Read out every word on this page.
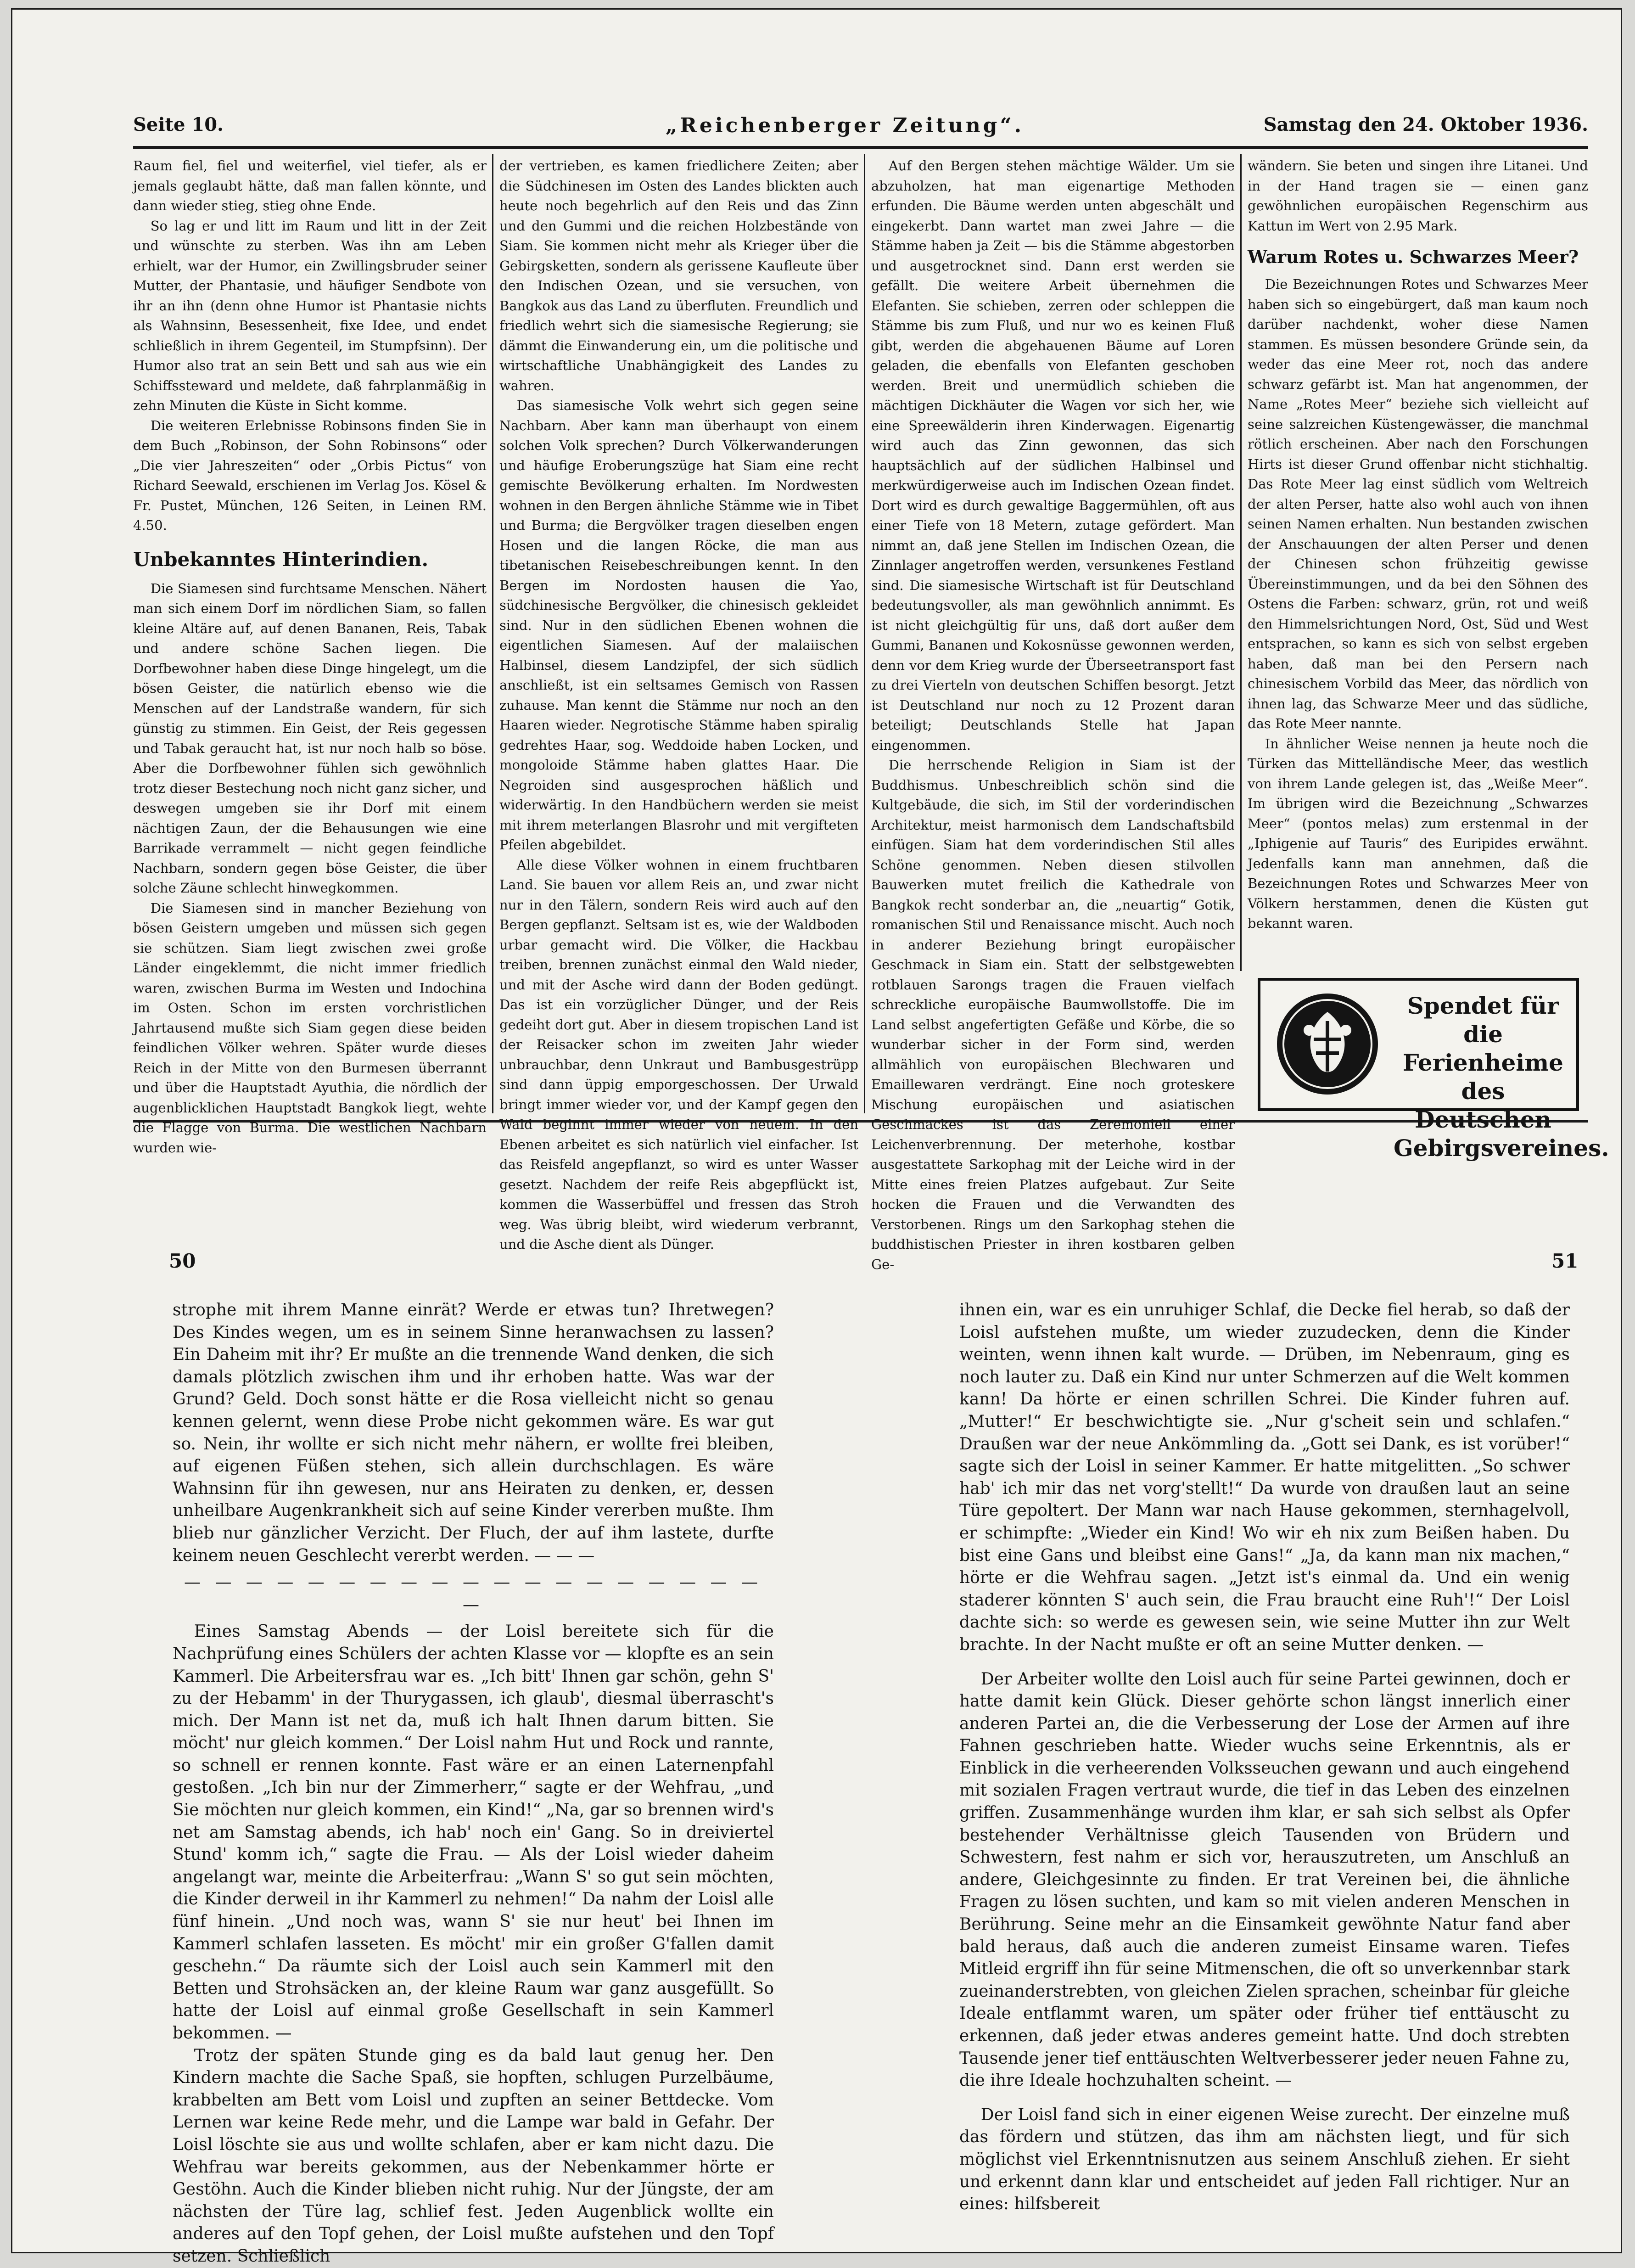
Seite 10.	„Reichenberger Zeitung“.	Samstag den 24. Oktober 1936.

Raum fiel, fiel und weiterfiel, viel tiefer, als er jemals geglaubt hätte, daß man fallen könnte, und dann wieder stieg, stieg ohne Ende.

So lag er und litt im Raum und litt in der Zeit und wünschte zu sterben. Was ihn am Leben erhielt, war der Humor, ein Zwillingsbruder seiner Mutter, der Phantasie, und häufiger Sendbote von ihr an ihn (denn ohne Humor ist Phantasie nichts als Wahnsinn, Besessenheit, fixe Idee, und endet schließlich in ihrem Gegenteil, im Stumpfsinn). Der Humor also trat an sein Bett und sah aus wie ein Schiffssteward und meldete, daß fahrplanmäßig in zehn Minuten die Küste in Sicht komme.

Die weiteren Erlebnisse Robinsons finden Sie in dem Buch „Robinson, der Sohn Robinsons“ oder „Die vier Jahreszeiten“ oder „Orbis Pictus“ von Richard Seewald, erschienen im Verlag Jos. Kösel & Fr. Pustet, München, 126 Seiten, in Leinen RM. 4.50.

Unbekanntes Hinterindien.

Die Siamesen sind furchtsame Menschen. Nähert man sich einem Dorf im nördlichen Siam, so fallen kleine Altäre auf, auf denen Bananen, Reis, Tabak und andere schöne Sachen liegen. Die Dorfbewohner haben diese Dinge hingelegt, um die bösen Geister, die natürlich ebenso wie die Menschen auf der Landstraße wandern, für sich günstig zu stimmen. Ein Geist, der Reis gegessen und Tabak geraucht hat, ist nur noch halb so böse. Aber die Dorfbewohner fühlen sich gewöhnlich trotz dieser Bestechung noch nicht ganz sicher, und deswegen umgeben sie ihr Dorf mit einem nächtigen Zaun, der die Behausungen wie eine Barrikade verrammelt — nicht gegen feindliche Nachbarn, sondern gegen böse Geister, die über solche Zäune schlecht hinwegkommen.

Die Siamesen sind in mancher Beziehung von bösen Geistern umgeben und müssen sich gegen sie schützen. Siam liegt zwischen zwei große Länder eingeklemmt, die nicht immer friedlich waren, zwischen Burma im Westen und Indochina im Osten. Schon im ersten vorchristlichen Jahrtausend mußte sich Siam gegen diese beiden feindlichen Völker wehren. Später wurde dieses Reich in der Mitte von den Burmesen überrannt und über die Hauptstadt Ayuthia, die nördlich der augenblicklichen Hauptstadt Bangkok liegt, wehte die Flagge von Burma. Die westlichen Nachbarn wurden wie-

der vertrieben, es kamen friedlichere Zeiten; aber die Südchinesen im Osten des Landes blickten auch heute noch begehrlich auf den Reis und das Zinn und den Gummi und die reichen Holzbestände von Siam. Sie kommen nicht mehr als Krieger über die Gebirgsketten, sondern als gerissene Kaufleute über den Indischen Ozean, und sie versuchen, von Bangkok aus das Land zu überfluten. Freundlich und friedlich wehrt sich die siamesische Regierung; sie dämmt die Einwanderung ein, um die politische und wirtschaftliche Unabhängigkeit des Landes zu wahren.

Das siamesische Volk wehrt sich gegen seine Nachbarn. Aber kann man überhaupt von einem solchen Volk sprechen? Durch Völkerwanderungen und häufige Eroberungszüge hat Siam eine recht gemischte Bevölkerung erhalten. Im Nordwesten wohnen in den Bergen ähnliche Stämme wie in Tibet und Burma; die Bergvölker tragen dieselben engen Hosen und die langen Röcke, die man aus tibetanischen Reisebeschreibungen kennt. In den Bergen im Nordosten hausen die Yao, südchinesische Bergvölker, die chinesisch gekleidet sind. Nur in den südlichen Ebenen wohnen die eigentlichen Siamesen. Auf der malaiischen Halbinsel, diesem Landzipfel, der sich südlich anschließt, ist ein seltsames Gemisch von Rassen zuhause. Man kennt die Stämme nur noch an den Haaren wieder. Negrotische Stämme haben spiralig gedrehtes Haar, sog. Weddoide haben Locken, und mongoloide Stämme haben glattes Haar. Die Negroiden sind ausgesprochen häßlich und widerwärtig. In den Handbüchern werden sie meist mit ihrem meterlangen Blasrohr und mit vergifteten Pfeilen abgebildet.

Alle diese Völker wohnen in einem fruchtbaren Land. Sie bauen vor allem Reis an, und zwar nicht nur in den Tälern, sondern Reis wird auch auf den Bergen gepflanzt. Seltsam ist es, wie der Waldboden urbar gemacht wird. Die Völker, die Hackbau treiben, brennen zunächst einmal den Wald nieder, und mit der Asche wird dann der Boden gedüngt. Das ist ein vorzüglicher Dünger, und der Reis gedeiht dort gut. Aber in diesem tropischen Land ist der Reisacker schon im zweiten Jahr wieder unbrauchbar, denn Unkraut und Bambusgestrüpp sind dann üppig emporgeschossen. Der Urwald bringt immer wieder vor, und der Kampf gegen den Wald beginnt immer wieder von neuem. In den Ebenen arbeitet es sich natürlich viel einfacher. Ist das Reisfeld angepflanzt, so wird es unter Wasser gesetzt. Nachdem der reife Reis abgepflückt ist, kommen die Wasserbüffel und fressen das Stroh weg. Was übrig bleibt, wird wiederum verbrannt, und die Asche dient als Dünger.

Auf den Bergen stehen mächtige Wälder. Um sie abzuholzen, hat man eigenartige Methoden erfunden. Die Bäume werden unten abgeschält und eingekerbt. Dann wartet man zwei Jahre — die Stämme haben ja Zeit — bis die Stämme abgestorben und ausgetrocknet sind. Dann erst werden sie gefällt. Die weitere Arbeit übernehmen die Elefanten. Sie schieben, zerren oder schleppen die Stämme bis zum Fluß, und nur wo es keinen Fluß gibt, werden die abgehauenen Bäume auf Loren geladen, die ebenfalls von Elefanten geschoben werden. Breit und unermüdlich schieben die mächtigen Dickhäuter die Wagen vor sich her, wie eine Spreewälderin ihren Kinderwagen. Eigenartig wird auch das Zinn gewonnen, das sich hauptsächlich auf der südlichen Halbinsel und merkwürdigerweise auch im Indischen Ozean findet. Dort wird es durch gewaltige Baggermühlen, oft aus einer Tiefe von 18 Metern, zutage gefördert. Man nimmt an, daß jene Stellen im Indischen Ozean, die Zinnlager angetroffen werden, versunkenes Festland sind. Die siamesische Wirtschaft ist für Deutschland bedeutungsvoller, als man gewöhnlich annimmt. Es ist nicht gleichgültig für uns, daß dort außer dem Gummi, Bananen und Kokosnüsse gewonnen werden, denn vor dem Krieg wurde der Überseetransport fast zu drei Vierteln von deutschen Schiffen besorgt. Jetzt ist Deutschland nur noch zu 12 Prozent daran beteiligt; Deutschlands Stelle hat Japan eingenommen.

Die herrschende Religion in Siam ist der Buddhismus. Unbeschreiblich schön sind die Kultgebäude, die sich, im Stil der vorderindischen Architektur, meist harmonisch dem Landschaftsbild einfügen. Siam hat dem vorderindischen Stil alles Schöne genommen. Neben diesen stilvollen Bauwerken mutet freilich die Kathedrale von Bangkok recht sonderbar an, die „neuartig“ Gotik, romanischen Stil und Renaissance mischt. Auch noch in anderer Beziehung bringt europäischer Geschmack in Siam ein. Statt der selbstgewebten rotblauen Sarongs tragen die Frauen vielfach schreckliche europäische Baumwollstoffe. Die im Land selbst angefertigten Gefäße und Körbe, die so wunderbar sicher in der Form sind, werden allmählich von europäischen Blechwaren und Emaillewaren verdrängt. Eine noch groteskere Mischung europäischen und asiatischen Geschmackes ist das Zeremoniell einer Leichenverbrennung. Der meterhohe, kostbar ausgestattete Sarkophag mit der Leiche wird in der Mitte eines freien Platzes aufgebaut. Zur Seite hocken die Frauen und die Verwandten des Verstorbenen. Rings um den Sarkophag stehen die buddhistischen Priester in ihren kostbaren gelben Ge-

wändern. Sie beten und singen ihre Litanei. Und in der Hand tragen sie — einen ganz gewöhnlichen europäischen Regenschirm aus Kattun im Wert von 2.95 Mark.

Warum Rotes u. Schwarzes Meer?

Die Bezeichnungen Rotes und Schwarzes Meer haben sich so eingebürgert, daß man kaum noch darüber nachdenkt, woher diese Namen stammen. Es müssen besondere Gründe sein, da weder das eine Meer rot, noch das andere schwarz gefärbt ist. Man hat angenommen, der Name „Rotes Meer“ beziehe sich vielleicht auf seine salzreichen Küstengewässer, die manchmal rötlich erscheinen. Aber nach den Forschungen Hirts ist dieser Grund offenbar nicht stichhaltig. Das Rote Meer lag einst südlich vom Weltreich der alten Perser, hatte also wohl auch von ihnen seinen Namen erhalten. Nun bestanden zwischen der Anschauungen der alten Perser und denen der Chinesen schon frühzeitig gewisse Übereinstimmungen, und da bei den Söhnen des Ostens die Farben: schwarz, grün, rot und weiß den Himmelsrichtungen Nord, Ost, Süd und West entsprachen, so kann es sich von selbst ergeben haben, daß man bei den Persern nach chinesischem Vorbild das Meer, das nördlich von ihnen lag, das Schwarze Meer und das südliche, das Rote Meer nannte.

In ähnlicher Weise nennen ja heute noch die Türken das Mittelländische Meer, das westlich von ihrem Lande gelegen ist, das „Weiße Meer“. Im übrigen wird die Bezeichnung „Schwarzes Meer“ (pontos melas) zum erstenmal in der „Iphigenie auf Tauris“ des Euripides erwähnt. Jedenfalls kann man annehmen, daß die Bezeichnungen Rotes und Schwarzes Meer von Völkern herstammen, denen die Küsten gut bekannt waren.

Spendet für die
Ferienheime
des Deutschen
Gebirgsvereines.
50	51

strophe mit ihrem Manne einrät? Werde er etwas tun? Ihretwegen? Des Kindes wegen, um es in seinem Sinne heranwachsen zu lassen? Ein Daheim mit ihr? Er mußte an die trennende Wand denken, die sich damals plötzlich zwischen ihm und ihr erhoben hatte. Was war der Grund? Geld. Doch sonst hätte er die Rosa vielleicht nicht so genau kennen gelernt, wenn diese Probe nicht gekommen wäre. Es war gut so. Nein, ihr wollte er sich nicht mehr nähern, er wollte frei bleiben, auf eigenen Füßen stehen, sich allein durchschlagen. Es wäre Wahnsinn für ihn gewesen, nur ans Heiraten zu denken, er, dessen unheilbare Augenkrankheit sich auf seine Kinder vererben mußte. Ihm blieb nur gänzlicher Verzicht. Der Fluch, der auf ihm lastete, durfte keinem neuen Geschlecht vererbt werden. — — —

— — — — — — — — — — — — — — — — — — — —

Eines Samstag Abends — der Loisl bereitete sich für die Nachprüfung eines Schülers der achten Klasse vor — klopfte es an sein Kammerl. Die Arbeitersfrau war es. „Ich bitt' Ihnen gar schön, gehn S' zu der Hebamm' in der Thurygassen, ich glaub', diesmal überrascht's mich. Der Mann ist net da, muß ich halt Ihnen darum bitten. Sie möcht' nur gleich kommen.“ Der Loisl nahm Hut und Rock und rannte, so schnell er rennen konnte. Fast wäre er an einen Laternenpfahl gestoßen. „Ich bin nur der Zimmerherr,“ sagte er der Wehfrau, „und Sie möchten nur gleich kommen, ein Kind!“ „Na, gar so brennen wird's net am Samstag abends, ich hab' noch ein' Gang. So in dreiviertel Stund' komm ich,“ sagte die Frau. — Als der Loisl wieder daheim angelangt war, meinte die Arbeiterfrau: „Wann S' so gut sein möchten, die Kinder derweil in ihr Kammerl zu nehmen!“ Da nahm der Loisl alle fünf hinein. „Und noch was, wann S' sie nur heut' bei Ihnen im Kammerl schlafen lasseten. Es möcht' mir ein großer G'fallen damit geschehn.“ Da räumte sich der Loisl auch sein Kammerl mit den Betten und Strohsäcken an, der kleine Raum war ganz ausgefüllt. So hatte der Loisl auf einmal große Gesellschaft in sein Kammerl bekommen. —

Trotz der späten Stunde ging es da bald laut genug her. Den Kindern machte die Sache Spaß, sie hopften, schlugen Purzelbäume, krabbelten am Bett vom Loisl und zupften an seiner Bettdecke. Vom Lernen war keine Rede mehr, und die Lampe war bald in Gefahr. Der Loisl löschte sie aus und wollte schlafen, aber er kam nicht dazu. Die Wehfrau war bereits gekommen, aus der Nebenkammer hörte er Gestöhn. Auch die Kinder blieben nicht ruhig. Nur der Jüngste, der am nächsten der Türe lag, schlief fest. Jeden Augenblick wollte ein anderes auf den Topf gehen, der Loisl mußte aufstehen und den Topf setzen. Schließlich

ihnen ein, war es ein unruhiger Schlaf, die Decke fiel herab, so daß der Loisl aufstehen mußte, um wieder zuzudecken, denn die Kinder weinten, wenn ihnen kalt wurde. — Drüben, im Nebenraum, ging es noch lauter zu. Daß ein Kind nur unter Schmerzen auf die Welt kommen kann! Da hörte er einen schrillen Schrei. Die Kinder fuhren auf. „Mutter!“ Er beschwichtigte sie. „Nur g'scheit sein und schlafen.“ Draußen war der neue Ankömmling da. „Gott sei Dank, es ist vorüber!“ sagte sich der Loisl in seiner Kammer. Er hatte mitgelitten. „So schwer hab' ich mir das net vorg'stellt!“ Da wurde von draußen laut an seine Türe gepoltert. Der Mann war nach Hause gekommen, sternhagelvoll, er schimpfte: „Wieder ein Kind! Wo wir eh nix zum Beißen haben. Du bist eine Gans und bleibst eine Gans!“ „Ja, da kann man nix machen,“ hörte er die Wehfrau sagen. „Jetzt ist's einmal da. Und ein wenig staderer könnten S' auch sein, die Frau braucht eine Ruh'!“ Der Loisl dachte sich: so werde es gewesen sein, wie seine Mutter ihn zur Welt brachte. In der Nacht mußte er oft an seine Mutter denken. —

Der Arbeiter wollte den Loisl auch für seine Partei gewinnen, doch er hatte damit kein Glück. Dieser gehörte schon längst innerlich einer anderen Partei an, die die Verbesserung der Lose der Armen auf ihre Fahnen geschrieben hatte. Wieder wuchs seine Erkenntnis, als er Einblick in die verheerenden Volksseuchen gewann und auch eingehend mit sozialen Fragen vertraut wurde, die tief in das Leben des einzelnen griffen. Zusammenhänge wurden ihm klar, er sah sich selbst als Opfer bestehender Verhältnisse gleich Tausenden von Brüdern und Schwestern, fest nahm er sich vor, herauszutreten, um Anschluß an andere, Gleichgesinnte zu finden. Er trat Vereinen bei, die ähnliche Fragen zu lösen suchten, und kam so mit vielen anderen Menschen in Berührung. Seine mehr an die Einsamkeit gewöhnte Natur fand aber bald heraus, daß auch die anderen zumeist Einsame waren. Tiefes Mitleid ergriff ihn für seine Mitmenschen, die oft so unverkennbar stark zueinanderstrebten, von gleichen Zielen sprachen, scheinbar für gleiche Ideale entflammt waren, um später oder früher tief enttäuscht zu erkennen, daß jeder etwas anderes gemeint hatte. Und doch strebten Tausende jener tief enttäuschten Weltverbesserer jeder neuen Fahne zu, die ihre Ideale hochzuhalten scheint. —

Der Loisl fand sich in einer eigenen Weise zurecht. Der einzelne muß das fördern und stützen, das ihm am nächsten liegt, und für sich möglichst viel Erkenntnisnutzen aus seinem Anschluß ziehen. Er sieht und erkennt dann klar und entscheidet auf jeden Fall richtiger. Nur an eines: hilfsbereit
